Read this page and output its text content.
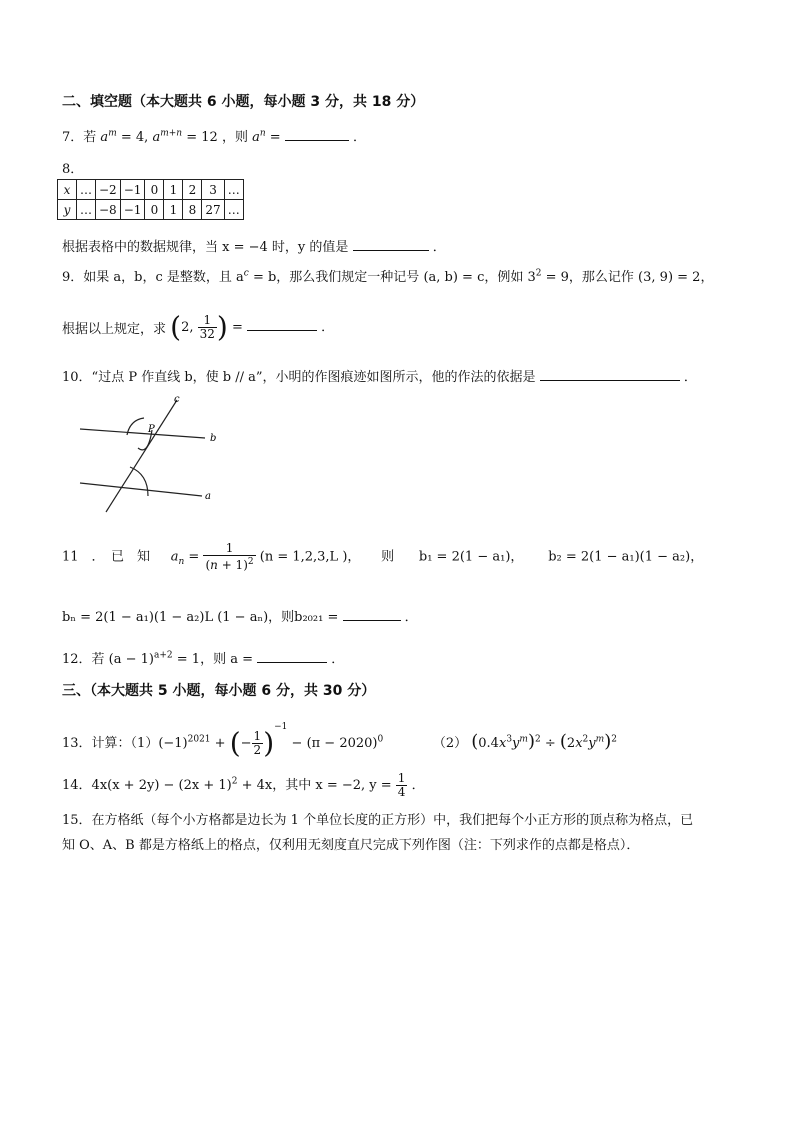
二、填空题（本大题共 6 小题，每小题 3 分，共 18 分）
7．若 $a^m = 4$, $a^{m+n} = 12$ ，则 $a^n$ =	．
8．
x	…	−2	−1	0	1	2	3	…
y	…	−8	−1	0	1	8	27	…
根据表格中的数据规律，当 x = −4 时，y 的值是	．
9．如果 a，b，c 是整数，且 $a^c = b$，那么我们规定一种记号 (a, b) = c，例如 $3^2 = 9$，那么记作 (3, 9) = 2，
根据以上规定，求 (2, $\frac{1}{32}$ ) =	．
10．“过点 P 作直线 b，使 b // a”，小明的作图痕迹如图所示，他的作法的依据是	．
c
P
b
a
11　．　已　知 $a_n = \frac{1}{(n + 1)^2} (n = 1,2,3,L$ )， 则 b₁ = 2(1 − a₁)， b₂ = 2(1 − a₁)(1 − a₂)，
bₙ = 2(1 − a₁)(1 − a₂)L (1 − aₙ)，则b₂₀₂₁ =	．
12．若 $(a - 1)^{a+2} = 1$，则 a =	．
三、（本大题共 5 小题，每小题 6 分，共 30 分）
13．计算：$(1)(-1)^{2021}$ + (− $\frac{1}{2} )^{-1} - (\pi - 2020)^0$	（2） $(0.4x^3y^m)^2 \div (2x^2y^m)^2$
14．$4x(x + 2y) - (2x + 1)^2 + 4x$，其中 x = −2, $y = \frac{1}{4}$ ．
15．在方格纸（每个小方格都是边长为 1 个单位长度的正方形）中，我们把每个小正方形的顶点称为格点，已
知 O、A、B 都是方格纸上的格点，仅利用无刻度直尺完成下列作图（注：下列求作的点都是格点）．
